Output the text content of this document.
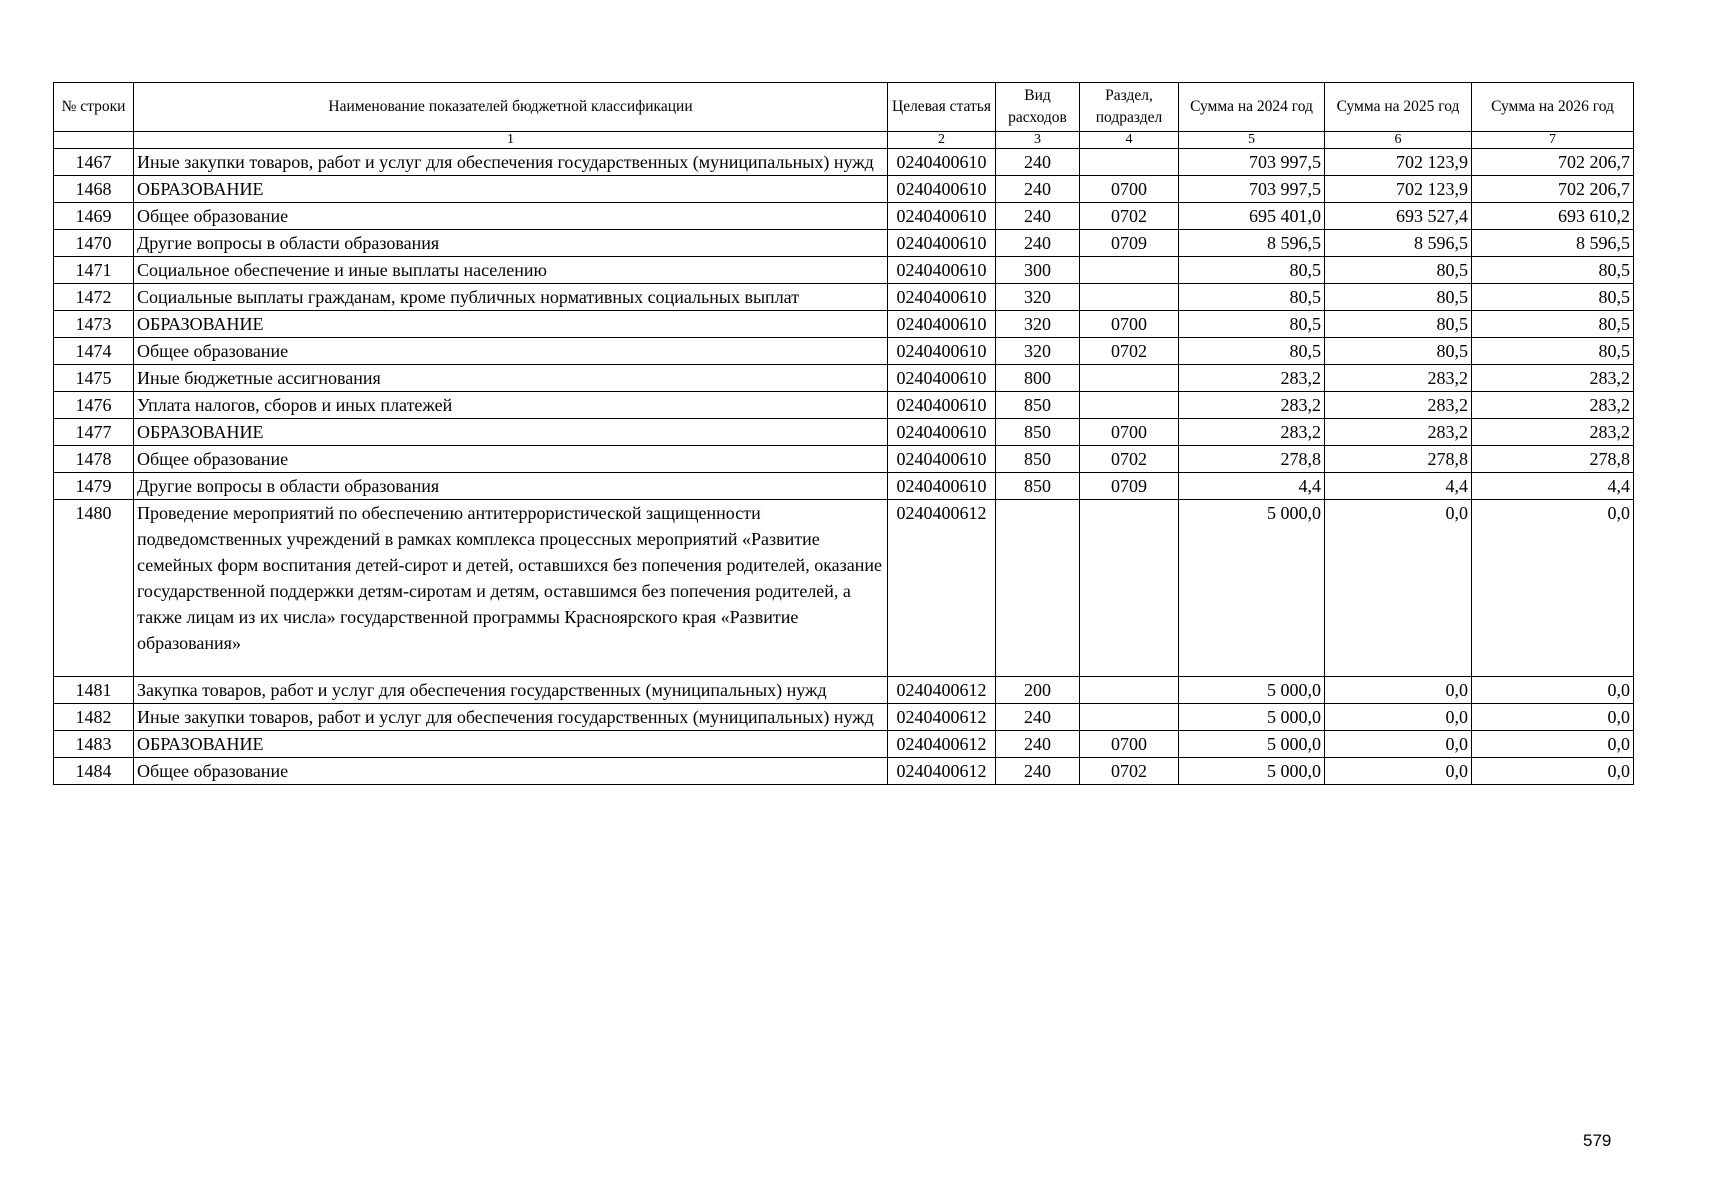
№ строки	Наименование показателей бюджетной классификации	Целевая статья	Вид расходов	Раздел, подраздел	Сумма на 2024 год	Сумма на 2025 год	Сумма на 2026 год
	1	2	3	4	5	6	7
1467	Иные закупки товаров, работ и услуг для обеспечения государственных (муниципальных) нужд	0240400610	240		703 997,5	702 123,9	702 206,7
1468	ОБРАЗОВАНИЕ	0240400610	240	0700	703 997,5	702 123,9	702 206,7
1469	Общее образование	0240400610	240	0702	695 401,0	693 527,4	693 610,2
1470	Другие вопросы в области образования	0240400610	240	0709	8 596,5	8 596,5	8 596,5
1471	Социальное обеспечение и иные выплаты населению	0240400610	300		80,5	80,5	80,5
1472	Социальные выплаты гражданам, кроме публичных нормативных социальных выплат	0240400610	320		80,5	80,5	80,5
1473	ОБРАЗОВАНИЕ	0240400610	320	0700	80,5	80,5	80,5
1474	Общее образование	0240400610	320	0702	80,5	80,5	80,5
1475	Иные бюджетные ассигнования	0240400610	800		283,2	283,2	283,2
1476	Уплата налогов, сборов и иных платежей	0240400610	850		283,2	283,2	283,2
1477	ОБРАЗОВАНИЕ	0240400610	850	0700	283,2	283,2	283,2
1478	Общее образование	0240400610	850	0702	278,8	278,8	278,8
1479	Другие вопросы в области образования	0240400610	850	0709	4,4	4,4	4,4
1480	Проведение мероприятий по обеспечению антитеррористической защищенности подведомственных учреждений в рамках комплекса процессных мероприятий «Развитие семейных форм воспитания детей-сирот и детей, оставшихся без попечения родителей, оказание государственной поддержки детям-сиротам и детям, оставшимся без попечения родителей, а также лицам из их числа» государственной программы Красноярского края «Развитие образования»	0240400612			5 000,0	0,0	0,0
1481	Закупка товаров, работ и услуг для обеспечения государственных (муниципальных) нужд	0240400612	200		5 000,0	0,0	0,0
1482	Иные закупки товаров, работ и услуг для обеспечения государственных (муниципальных) нужд	0240400612	240		5 000,0	0,0	0,0
1483	ОБРАЗОВАНИЕ	0240400612	240	0700	5 000,0	0,0	0,0
1484	Общее образование	0240400612	240	0702	5 000,0	0,0	0,0
579
